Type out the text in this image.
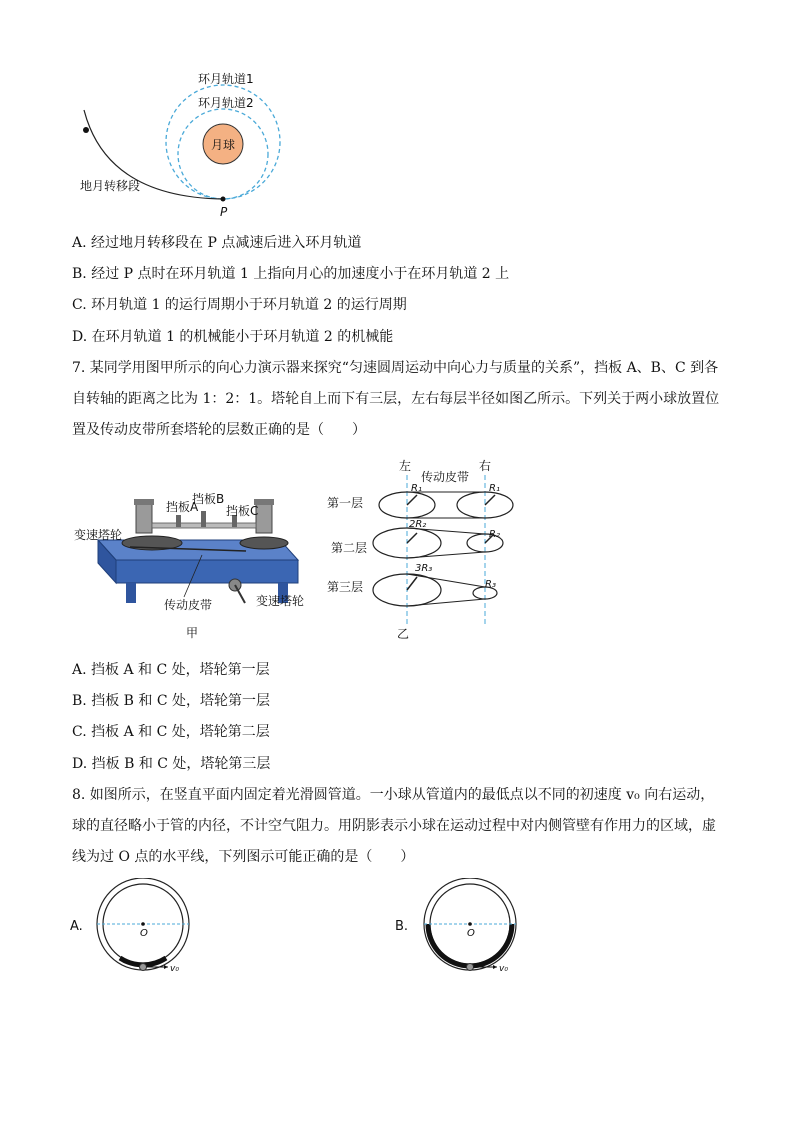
月球
环月轨道1
环月轨道2
地月转移段
P
A. 经过地月转移段在 P 点减速后进入环月轨道
B. 经过 P 点时在环月轨道 1 上指向月心的加速度小于在环月轨道 2 上
C. 环月轨道 1 的运行周期小于环月轨道 2 的运行周期
D. 在环月轨道 1 的机械能小于环月轨道 2 的机械能
7. 某同学用图甲所示的向心力演示器来探究“匀速圆周运动中向心力与质量的关系”，挡板 A、B、C 到各自转轴的距离之比为 1：2：1。塔轮自上而下有三层，左右每层半径如图乙所示。下列关于两小球放置位置及传动皮带所套塔轮的层数正确的是（　　）
挡板A
挡板B
挡板C
变速塔轮
变速塔轮
传动皮带
甲
左	右
传动皮带
第一层
R₁	R₁
第二层
2R₂
R₂
第三层
3R₃
R₃
乙
A. 挡板 A 和 C 处，塔轮第一层
B. 挡板 B 和 C 处，塔轮第一层
C. 挡板 A 和 C 处，塔轮第二层
D. 挡板 B 和 C 处，塔轮第三层
8. 如图所示，在竖直平面内固定着光滑圆管道。一小球从管道内的最低点以不同的初速度 v₀ 向右运动，球的直径略小于管的内径，不计空气阻力。用阴影表示小球在运动过程中对内侧管壁有作用力的区域，虚线为过 O 点的水平线，下列图示可能正确的是（　　）
A.	O
v₀
B.	O
v₀
